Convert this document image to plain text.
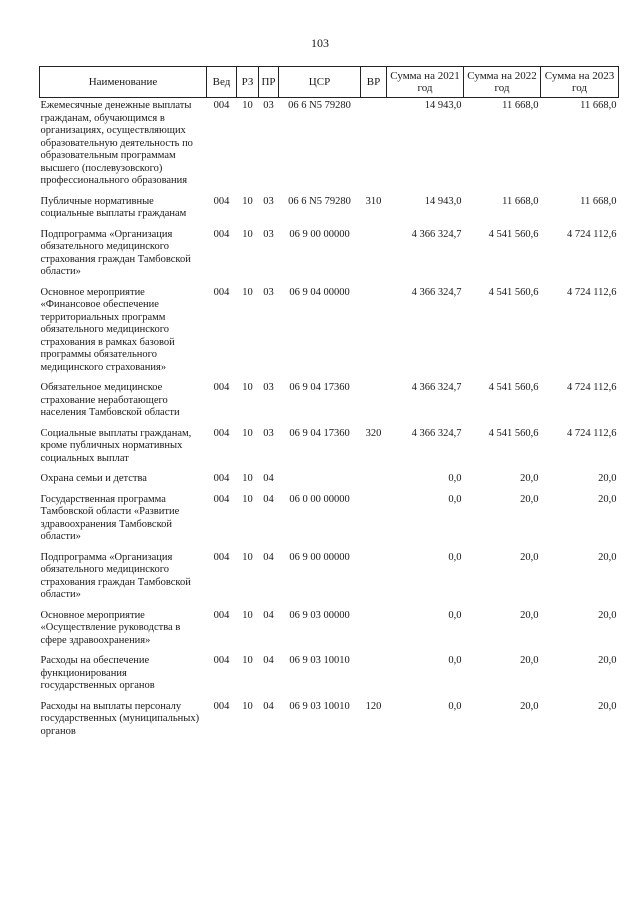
103
Наименование	Вед	РЗ	ПР	ЦСР	ВР	Сумма на 2021 год	Сумма на 2022 год	Сумма на 2023 год
Ежемесячные денежные выплаты гражданам, обучающимся в организациях, осуществляющих образовательную деятельность по образовательным программам высшего (послевузовского) профессионального образования	004	10	03	06 6 N5 79280		14 943,0	11 668,0	11 668,0
Публичные нормативные социальные выплаты гражданам	004	10	03	06 6 N5 79280	310	14 943,0	11 668,0	11 668,0
Подпрограмма «Организация обязательного медицинского страхования граждан Тамбовской области»	004	10	03	06 9 00 00000		4 366 324,7	4 541 560,6	4 724 112,6
Основное мероприятие «Финансовое обеспечение территориальных программ обязательного медицинского страхования в рамках базовой программы обязательного медицинского страхования»	004	10	03	06 9 04 00000		4 366 324,7	4 541 560,6	4 724 112,6
Обязательное медицинское страхование неработающего населения Тамбовской области	004	10	03	06 9 04 17360		4 366 324,7	4 541 560,6	4 724 112,6
Социальные выплаты гражданам, кроме публичных нормативных социальных выплат	004	10	03	06 9 04 17360	320	4 366 324,7	4 541 560,6	4 724 112,6
Охрана семьи и детства	004	10	04			0,0	20,0	20,0
Государственная программа Тамбовской области «Развитие здравоохранения Тамбовской области»	004	10	04	06 0 00 00000		0,0	20,0	20,0
Подпрограмма «Организация обязательного медицинского страхования граждан Тамбовской области»	004	10	04	06 9 00 00000		0,0	20,0	20,0
Основное мероприятие «Осуществление руководства в сфере здравоохранения»	004	10	04	06 9 03 00000		0,0	20,0	20,0
Расходы на обеспечение функционирования государственных органов	004	10	04	06 9 03 10010		0,0	20,0	20,0
Расходы на выплаты персоналу государственных (муниципальных) органов	004	10	04	06 9 03 10010	120	0,0	20,0	20,0
